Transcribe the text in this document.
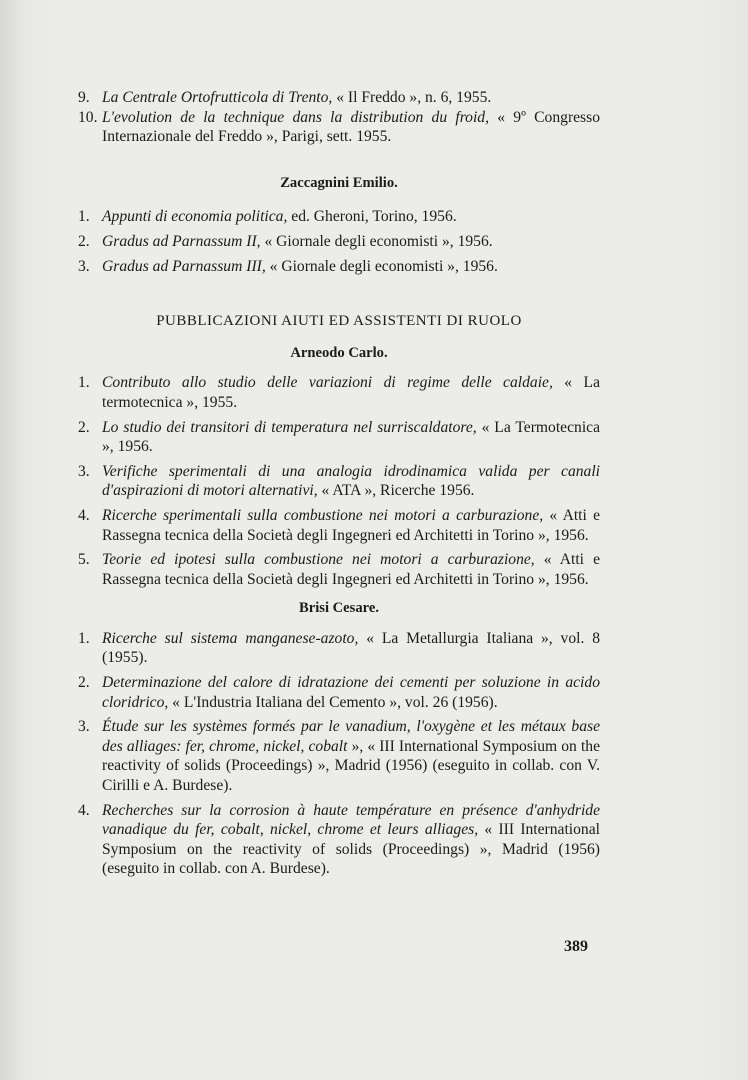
9. La Centrale Ortofrutticola di Trento, « Il Freddo », n. 6, 1955.
10. L'evolution de la technique dans la distribution du froid, « 9º Congresso Internazionale del Freddo », Parigi, sett. 1955.
Zaccagnini Emilio.
1. Appunti di economia politica, ed. Gheroni, Torino, 1956.
2. Gradus ad Parnassum II, « Giornale degli economisti », 1956.
3. Gradus ad Parnassum III, « Giornale degli economisti », 1956.
PUBBLICAZIONI AIUTI ED ASSISTENTI DI RUOLO
Arneodo Carlo.
1. Contributo allo studio delle variazioni di regime delle caldaie, « La termotecnica », 1955.
2. Lo studio dei transitori di temperatura nel surriscaldatore, « La Termotecnica », 1956.
3. Verifiche sperimentali di una analogia idrodinamica valida per canali d'aspirazioni di motori alternativi, « ATA », Ricerche 1956.
4. Ricerche sperimentali sulla combustione nei motori a carburazione, « Atti e Rassegna tecnica della Società degli Ingegneri ed Architetti in Torino », 1956.
5. Teorie ed ipotesi sulla combustione nei motori a carburazione, « Atti e Rassegna tecnica della Società degli Ingegneri ed Architetti in Torino », 1956.
Brisi Cesare.
1. Ricerche sul sistema manganese-azoto, « La Metallurgia Italiana », vol. 8 (1955).
2. Determinazione del calore di idratazione dei cementi per soluzione in acido cloridrico, « L'Industria Italiana del Cemento », vol. 26 (1956).
3. Étude sur les systèmes formés par le vanadium, l'oxygène et les métaux base des alliages: fer, chrome, nickel, cobalt », « III International Symposium on the reactivity of solids (Proceedings) », Madrid (1956) (eseguito in collab. con V. Cirilli e A. Burdese).
4. Recherches sur la corrosion à haute température en présence d'anhydride vanadique du fer, cobalt, nickel, chrome et leurs alliages, « III International Symposium on the reactivity of solids (Proceedings) », Madrid (1956) (eseguito in collab. con A. Burdese).
389
